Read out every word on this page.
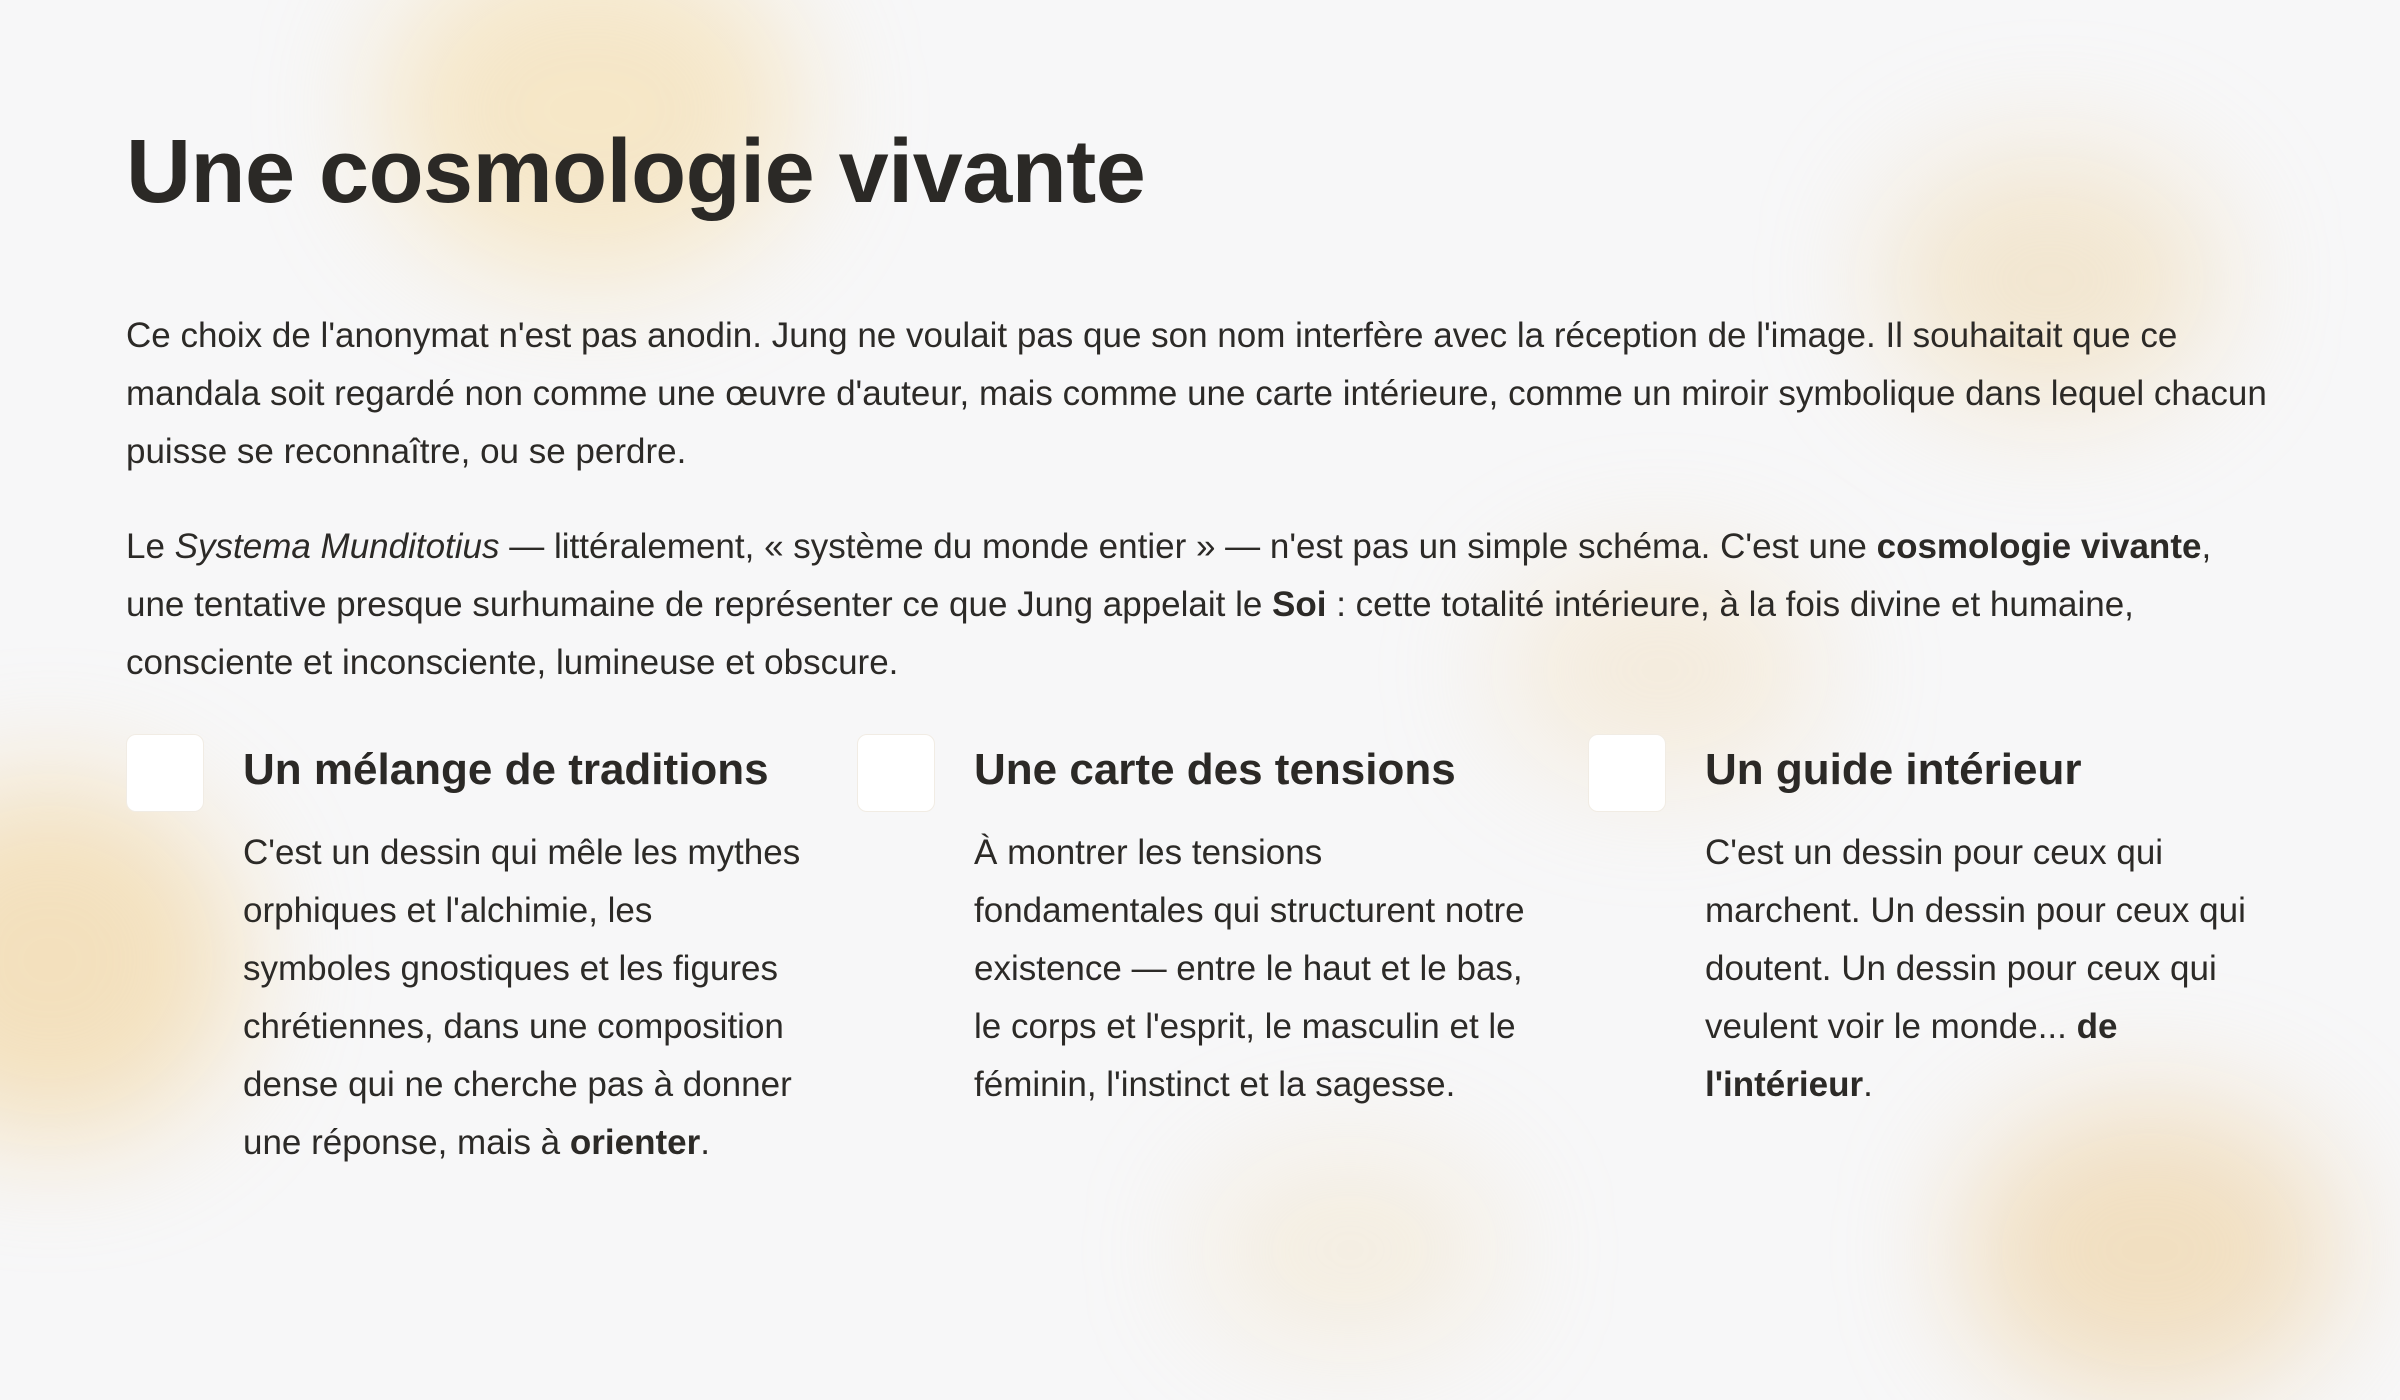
Une cosmologie vivante

Ce choix de l'anonymat n'est pas anodin. Jung ne voulait pas que son nom interfère avec la réception de l'image. Il souhaitait que ce mandala soit regardé non comme une œuvre d'auteur, mais comme une carte intérieure, comme un miroir symbolique dans lequel chacun puisse se reconnaître, ou se perdre.

Le Systema Munditotius — littéralement, « système du monde entier » — n'est pas un simple schéma. C'est une cosmologie vivante, une tentative presque surhumaine de représenter ce que Jung appelait le Soi : cette totalité intérieure, à la fois divine et humaine, consciente et inconsciente, lumineuse et obscure.

Un mélange de traditions

C'est un dessin qui mêle les mythes orphiques et l'alchimie, les symboles gnostiques et les figures chrétiennes, dans une composition dense qui ne cherche pas à donner une réponse, mais à orienter.

Une carte des tensions

À montrer les tensions fondamentales qui structurent notre existence — entre le haut et le bas, le corps et l'esprit, le masculin et le féminin, l'instinct et la sagesse.

Un guide intérieur

C'est un dessin pour ceux qui marchent. Un dessin pour ceux qui doutent. Un dessin pour ceux qui veulent voir le monde... de l'intérieur.
